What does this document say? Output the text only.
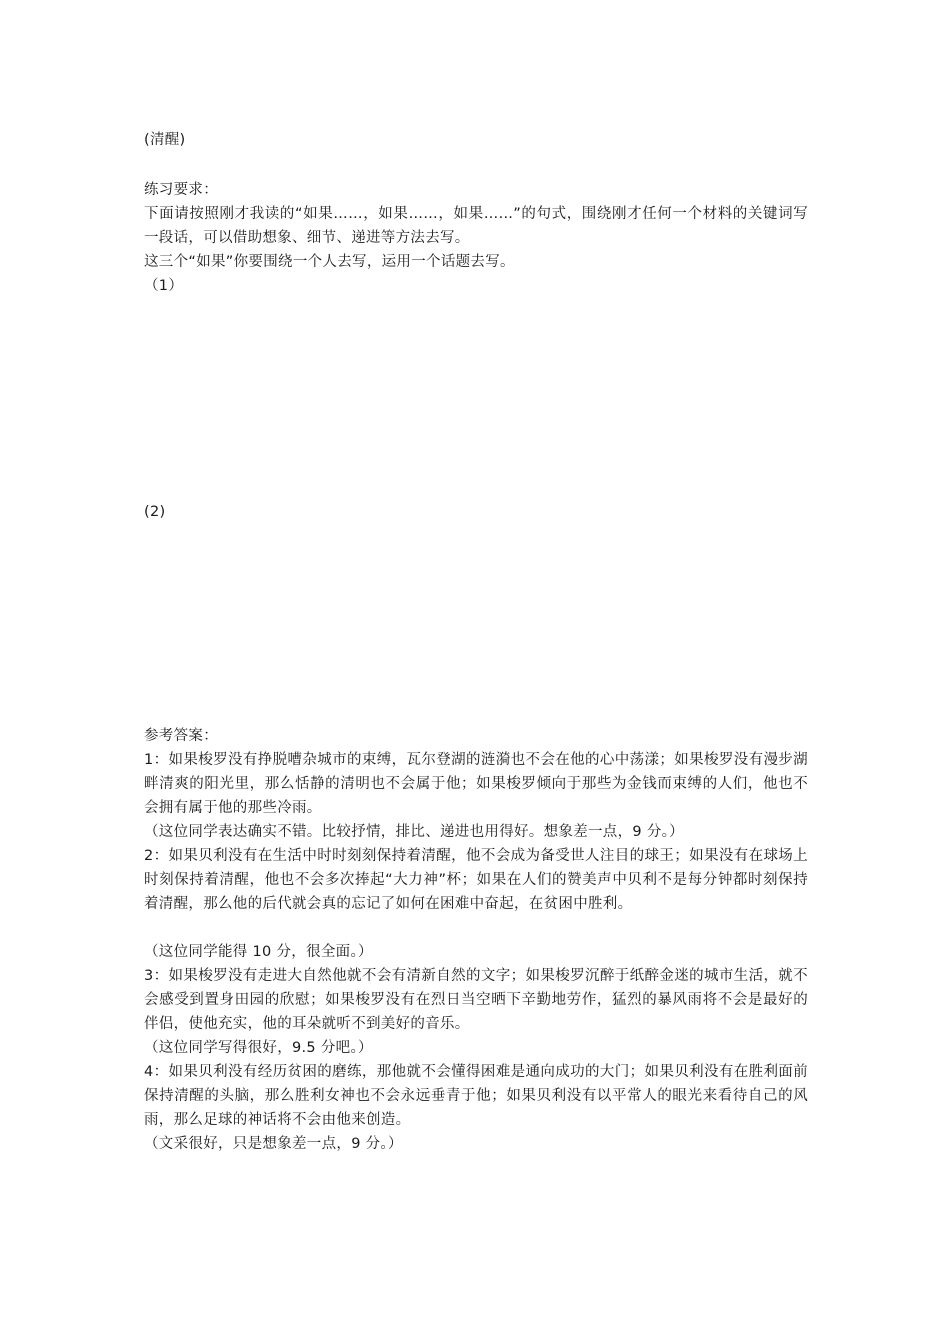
(清醒)
练习要求：
下面请按照刚才我读的“如果……，如果……，如果……”的句式，围绕刚才任何一个材料的关键词写一段话，可以借助想象、细节、递进等方法去写。
这三个“如果”你要围绕一个人去写，运用一个话题去写。
（1）
(2)
参考答案：
1：如果梭罗没有挣脱嘈杂城市的束缚，瓦尔登湖的涟漪也不会在他的心中荡漾；如果梭罗没有漫步湖畔清爽的阳光里，那么恬静的清明也不会属于他；如果梭罗倾向于那些为金钱而束缚的人们，他也不会拥有属于他的那些冷雨。
（这位同学表达确实不错。比较抒情，排比、递进也用得好。想象差一点，9 分。）
2：如果贝利没有在生活中时时刻刻保持着清醒，他不会成为备受世人注目的球王；如果没有在球场上时刻保持着清醒，他也不会多次捧起“大力神”杯；如果在人们的赞美声中贝利不是每分钟都时刻保持着清醒，那么他的后代就会真的忘记了如何在困难中奋起，在贫困中胜利。
（这位同学能得 10 分，很全面。）
3：如果梭罗没有走进大自然他就不会有清新自然的文字；如果梭罗沉醉于纸醉金迷的城市生活，就不会感受到置身田园的欣慰；如果梭罗没有在烈日当空晒下辛勤地劳作，猛烈的暴风雨将不会是最好的伴侣，使他充实，他的耳朵就听不到美好的音乐。
（这位同学写得很好，9.5 分吧。）
4：如果贝利没有经历贫困的磨练，那他就不会懂得困难是通向成功的大门；如果贝利没有在胜利面前保持清醒的头脑，那么胜利女神也不会永远垂青于他；如果贝利没有以平常人的眼光来看待自己的风雨，那么足球的神话将不会由他来创造。
（文采很好，只是想象差一点，9 分。）
